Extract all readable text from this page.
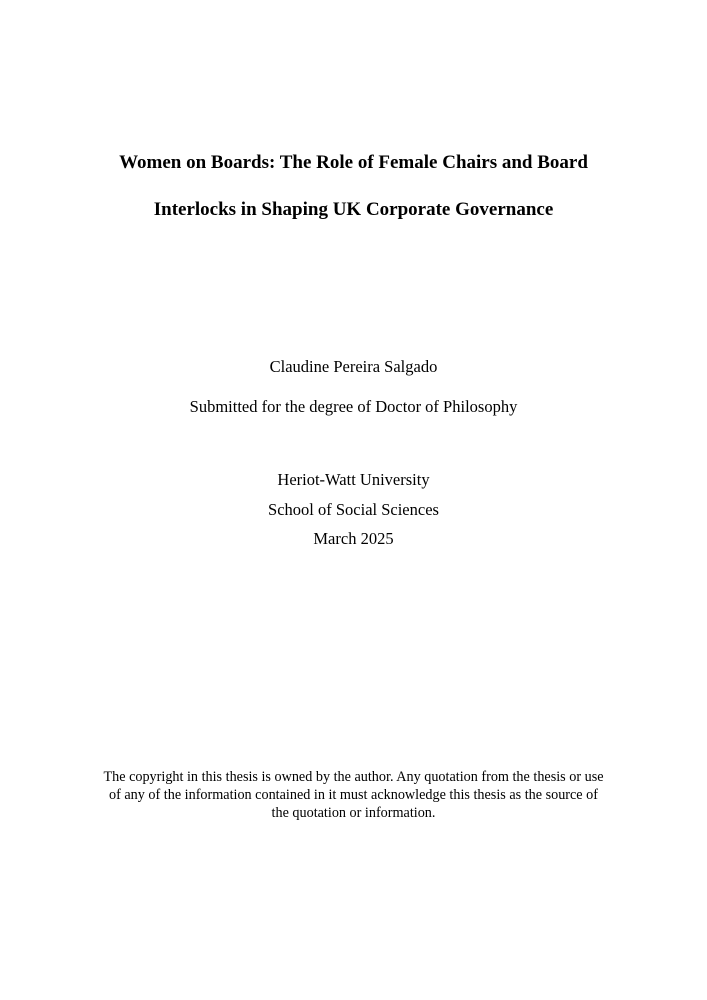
Women on Boards: The Role of Female Chairs and Board
Interlocks in Shaping UK Corporate Governance
Claudine Pereira Salgado
Submitted for the degree of Doctor of Philosophy
Heriot-Watt University
School of Social Sciences
March 2025
The copyright in this thesis is owned by the author. Any quotation from the thesis or use
of any of the information contained in it must acknowledge this thesis as the source of
the quotation or information.
